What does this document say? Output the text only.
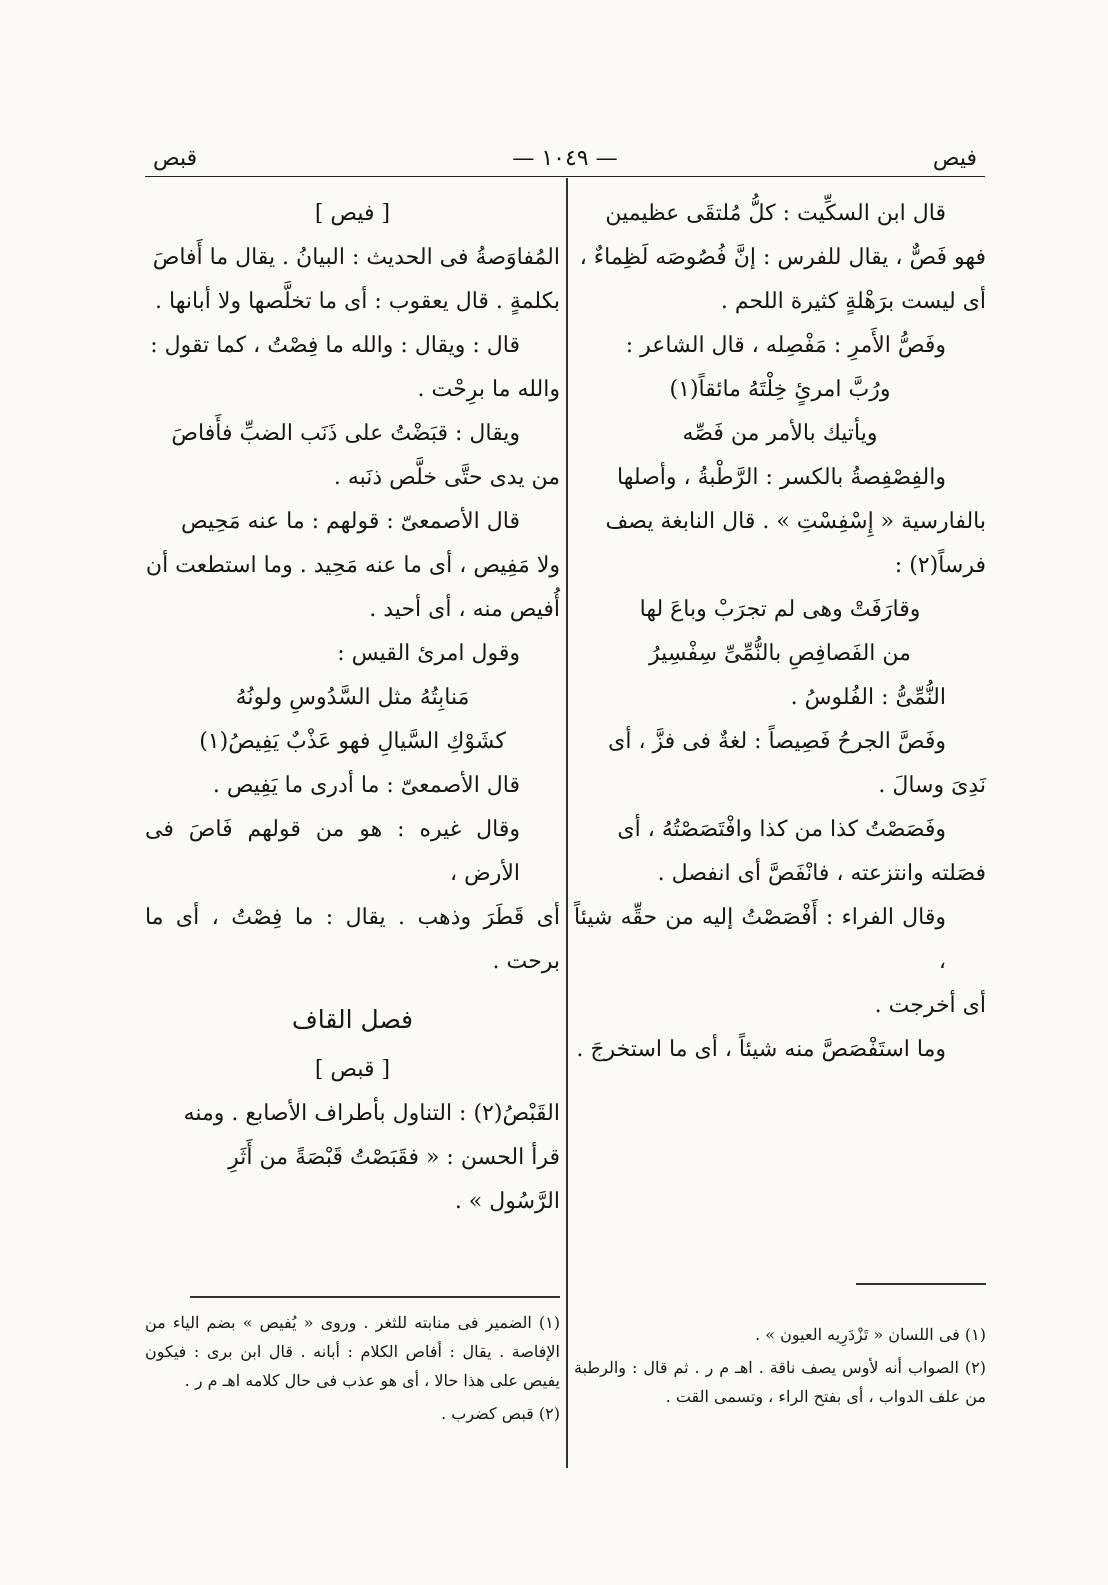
فيص
— ١٠٤٩ —
قبص

قال ابن السكِّيت : كلُّ مُلتقَى عظيمين

فهو فَصٌّ ، يقال للفرس : إنَّ فُصُوصَه لَظِماءٌ ،

أى ليست برَهْلةٍ كثيرة اللحم .

وفَصُّ الأَمرِ : مَفْصِله ، قال الشاعر :

ورُبَّ امرئٍ خِلْتَهُ مائقاً(١)

ويأتيك بالأمر من فَصِّه

والفِصْفِصةُ بالكسر : الرَّطْبةُ ، وأصلها

بالفارسية « إِسْفِسْتِ » . قال النابغة يصف

فرساً(٢) :

وقارَفَتْ وهى لم تجرَبْ وباعَ لها

من الفَصافِصِ بالنُّمِّىِّ سِفْسِيرُ

النُّمِّىُّ : الفُلوسُ .

وفَصَّ الجرحُ فَصِيصاً : لغةٌ فى فزَّ ، أى

نَدِىَ وسالَ .

وفَصَصْتُ كذا من كذا وافْتَصَصْتُهُ ، أى

فصَلته وانتزعته ، فانْفَصَّ أى انفصل .

وقال الفراء : أَفْصَصْتُ إليه من حقِّه شيئاً ،

أى أخرجت .

وما استَفْصَصَّ منه شيئاً ، أى ما استخرجَ .

[ فيص ]

المُفاوَصةُ فى الحديث : البيانُ . يقال ما أَفاصَ

بكلمةٍ . قال يعقوب : أى ما تخلَّصها ولا أبانها .

قال : ويقال : والله ما فِصْتُ ، كما تقول :

والله ما برِحْت .

ويقال : قبَضْتُ على ذَنَب الضبِّ فأَفاصَ

من يدى حتَّى خلَّص ذنَبه .

قال الأصمعىّ : قولهم : ما عنه مَحِيص

ولا مَفِيص ، أى ما عنه مَحِيد . وما استطعت أن

أُفيص منه ، أى أحيد .

وقول امرئ القيس :

مَنابِتُهُ مثل السَّدُوسِ ولونُهُ

كشَوْكِ السَّيالِ فهو عَذْبٌ يَفِيصُ(١)

قال الأصمعىّ : ما أدرى ما يَفِيص .

وقال غيره : هو من قولهم فَاصَ فى الأرض ،

أى قَطَرَ وذهب . يقال : ما فِصْتُ ، أى ما برحت .

فصل القاف

[ قبص ]

القَبْصُ(٢) : التناول بأطراف الأصابع . ومنه

قرأ الحسن : « فقَبَصْتُ قَبْصَةً من أَثَرِ

الرَّسُول » .

(١) فى اللسان « تَزْدَرِيه العيون » .

(٢) الصواب أنه لأوس يصف ناقة . اهـ م ر . ثم قال : والرطبة من علف الدواب ، أى بفتح الراء ، وتسمى القت .

(١) الضمير فى منابته للثغر . وروى « يُفيص » بضم الياء من الإفاصة . يقال : أفاص الكلام : أبانه . قال ابن برى : فيكون يفيص على هذا حالا ، أى هو عذب فى حال كلامه اهـ م ر .

(٢) قبص كضرب .
